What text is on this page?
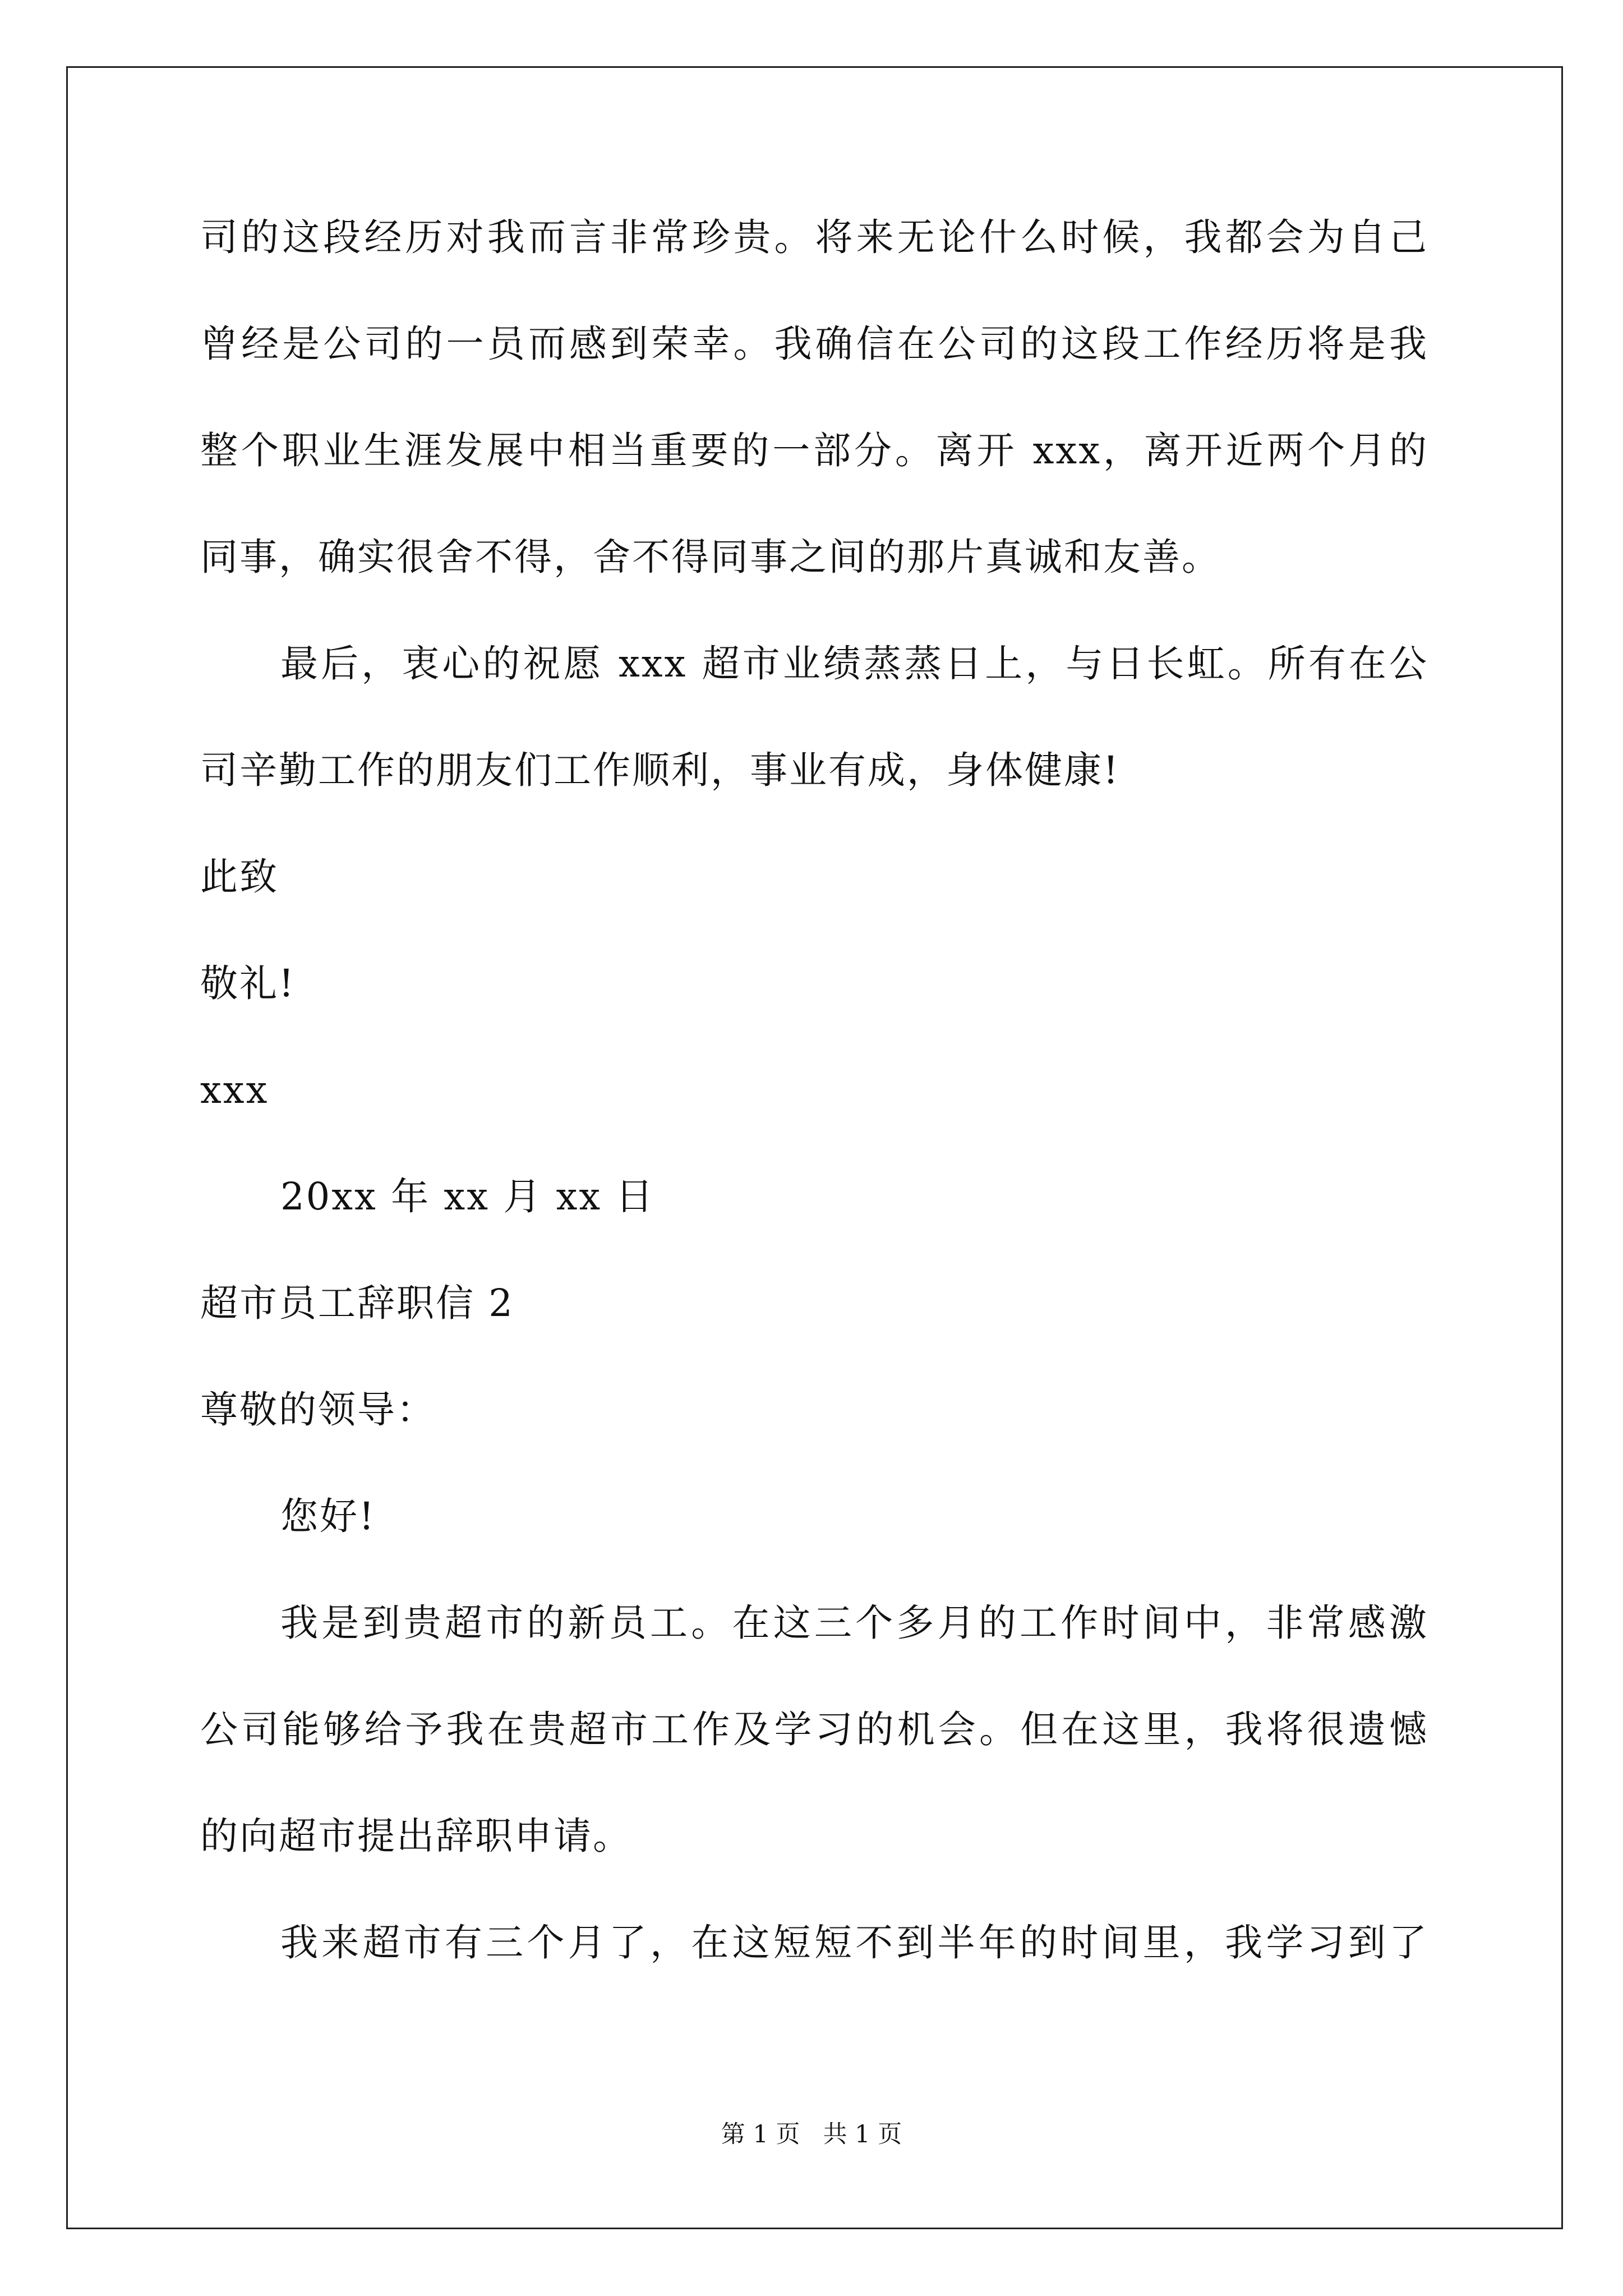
司的这段经历对我而言非常珍贵。将来无论什么时候，我都会为自己
曾经是公司的一员而感到荣幸。我确信在公司的这段工作经历将是我
整个职业生涯发展中相当重要的一部分。离开 xxx，离开近两个月的
同事，确实很舍不得，舍不得同事之间的那片真诚和友善。
最后，衷心的祝愿 xxx 超市业绩蒸蒸日上，与日长虹。所有在公
司辛勤工作的朋友们工作顺利，事业有成，身体健康!
此致
敬礼!
xxx
20xx 年 xx 月 xx 日
超市员工辞职信 2
尊敬的领导：
您好!
我是到贵超市的新员工。在这三个多月的工作时间中，非常感激
公司能够给予我在贵超市工作及学习的机会。但在这里，我将很遗憾
的向超市提出辞职申请。
我来超市有三个月了，在这短短不到半年的时间里，我学习到了
第 1 页   共 1 页
